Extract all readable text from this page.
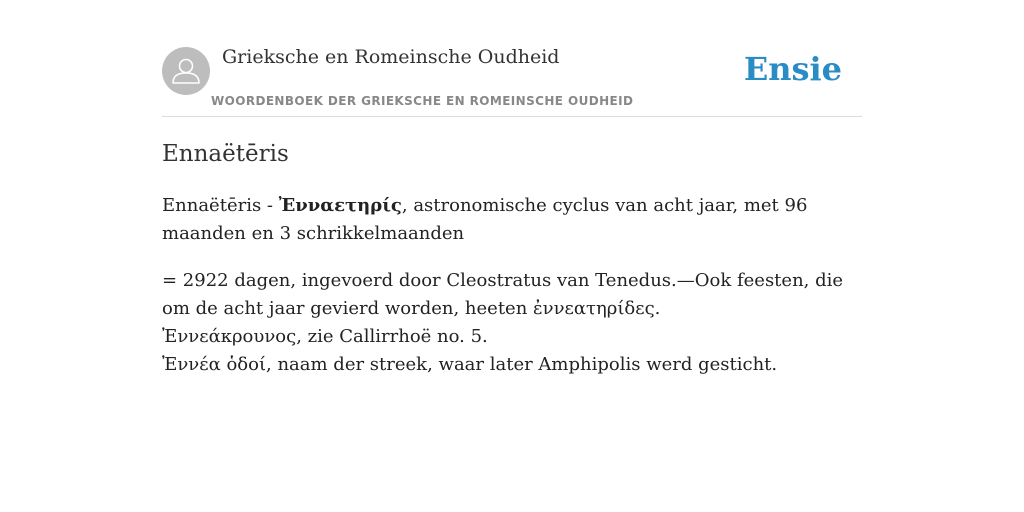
Grieksche en Romeinsche Oudheid
WOORDENBOEK DER GRIEKSCHE EN ROMEINSCHE OUDHEID
Ensie
Ennaëtēris

Ennaëtēris - Ἐνναετηρίς, astronomische cyclus van acht jaar, met 96 maanden en 3 schrikkelmaanden

= 2922 dagen, ingevoerd door Cleostratus van Tenedus.—Ook feesten, die om de acht jaar gevierd worden, heeten ἐννεατηρίδες.
Ἐννεάκρουνος, zie Callirrhoë no. 5.
Ἐννέα ὁδοί, naam der streek, waar later Amphipolis werd gesticht.
